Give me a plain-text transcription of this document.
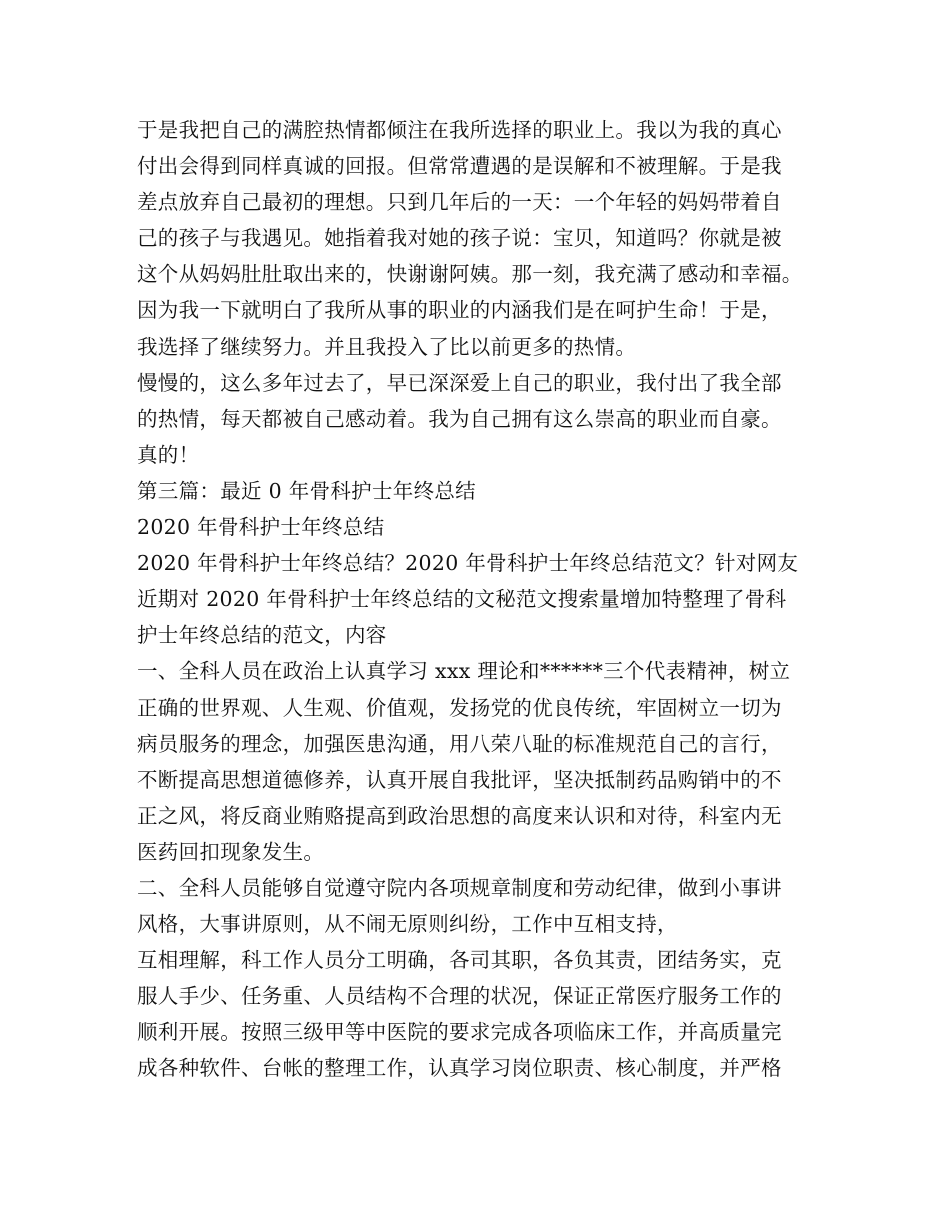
于是我把自己的满腔热情都倾注在我所选择的职业上。我以为我的真心
付出会得到同样真诚的回报。但常常遭遇的是误解和不被理解。于是我
差点放弃自己最初的理想。只到几年后的一天：一个年轻的妈妈带着自
己的孩子与我遇见。她指着我对她的孩子说：宝贝，知道吗？你就是被
这个从妈妈肚肚取出来的，快谢谢阿姨。那一刻，我充满了感动和幸福。
因为我一下就明白了我所从事的职业的内涵我们是在呵护生命！于是，
我选择了继续努力。并且我投入了比以前更多的热情。
慢慢的，这么多年过去了，早已深深爱上自己的职业，我付出了我全部
的热情，每天都被自己感动着。我为自己拥有这么崇高的职业而自豪。
真的！
第三篇：最近 0 年骨科护士年终总结
2020 年骨科护士年终总结
2020 年骨科护士年终总结？2020 年骨科护士年终总结范文？针对网友
近期对 2020 年骨科护士年终总结的文秘范文搜索量增加特整理了骨科
护士年终总结的范文，内容
一、全科人员在政治上认真学习 xxx 理论和******三个代表精神，树立
正确的世界观、人生观、价值观，发扬党的优良传统，牢固树立一切为
病员服务的理念，加强医患沟通，用八荣八耻的标准规范自己的言行，
不断提高思想道德修养，认真开展自我批评，坚决抵制药品购销中的不
正之风，将反商业贿赂提高到政治思想的高度来认识和对待，科室内无
医药回扣现象发生。
二、全科人员能够自觉遵守院内各项规章制度和劳动纪律，做到小事讲
风格，大事讲原则，从不闹无原则纠纷，工作中互相支持，
互相理解，科工作人员分工明确，各司其职，各负其责，团结务实，克
服人手少、任务重、人员结构不合理的状况，保证正常医疗服务工作的
顺利开展。按照三级甲等中医院的要求完成各项临床工作，并高质量完
成各种软件、台帐的整理工作，认真学习岗位职责、核心制度，并严格
